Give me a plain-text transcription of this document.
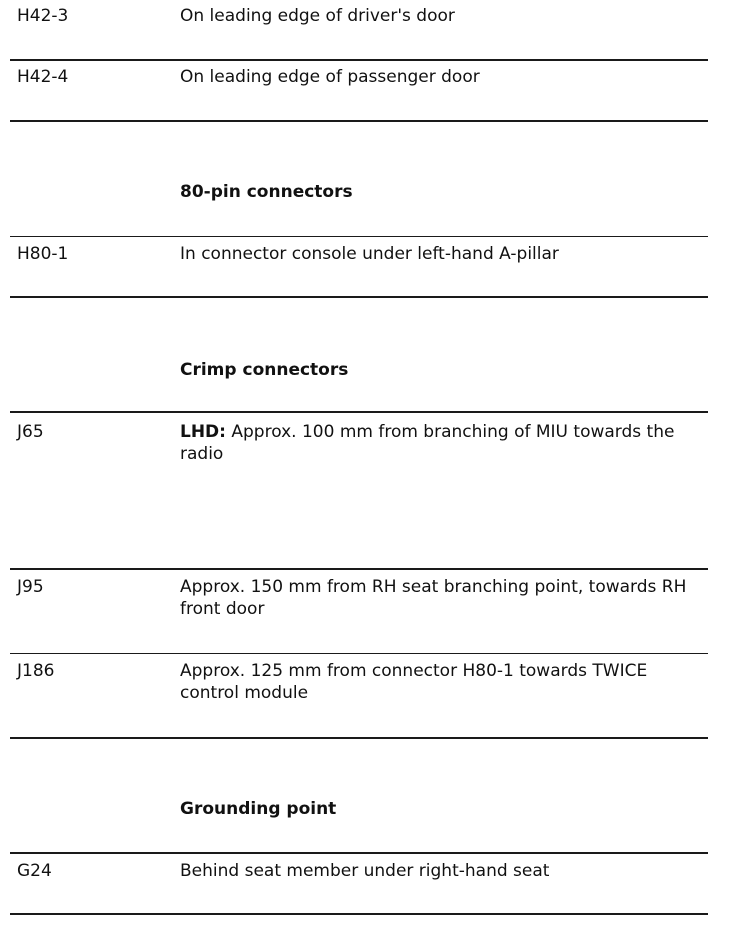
H42-3	On leading edge of driver's door
H42-4	On leading edge of passenger door
80-pin connectors
H80-1	In connector console under left-hand A-pillar
Crimp connectors
J65	LHD: Approx. 100 mm from branching of MIU towards the radio
J95	Approx. 150 mm from RH seat branching point, towards RH front door
J186	Approx. 125 mm from connector H80-1 towards TWICE control module
Grounding point
G24	Behind seat member under right-hand seat
